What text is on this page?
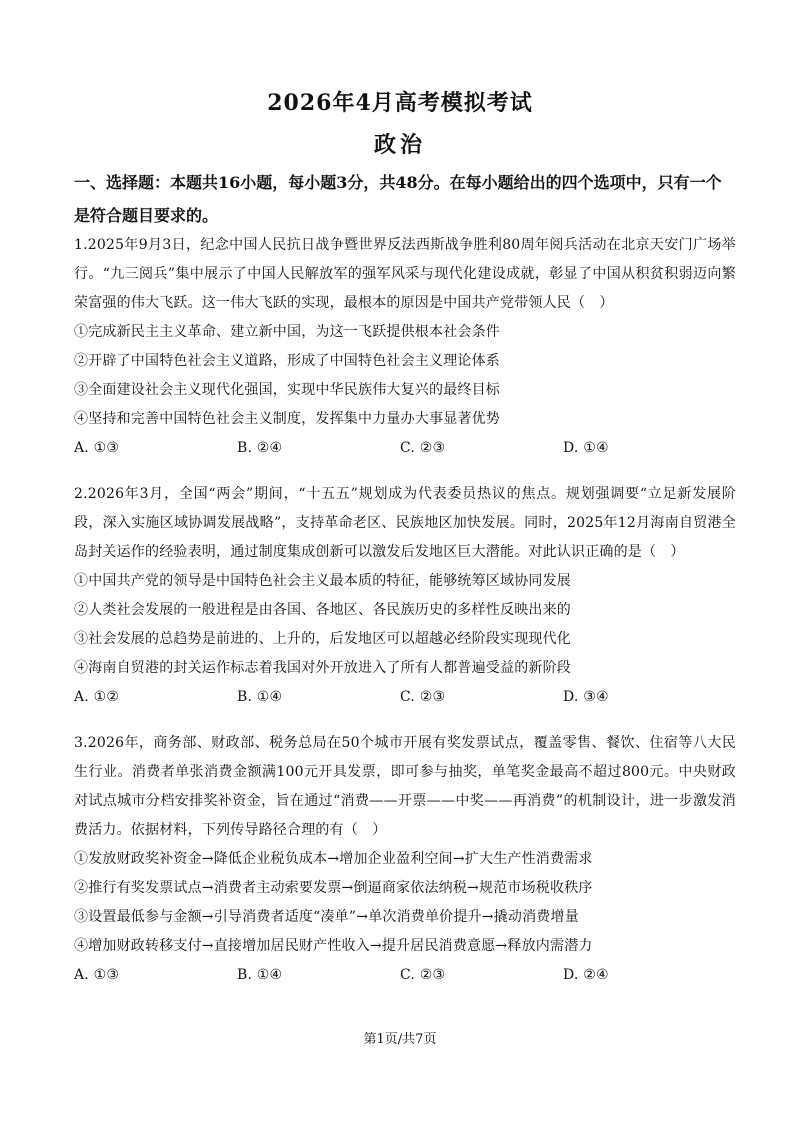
2026年4月高考模拟考试
政治
一、选择题：本题共16小题，每小题3分，共48分。在每小题给出的四个选项中，只有一个是符合题目要求的。
1.2025年9月3日，纪念中国人民抗日战争暨世界反法西斯战争胜利80周年阅兵活动在北京天安门广场举行。“九三阅兵”集中展示了中国人民解放军的强军风采与现代化建设成就，彰显了中国从积贫积弱迈向繁荣富强的伟大飞跃。这一伟大飞跃的实现，最根本的原因是中国共产党带领人民（　）
①完成新民主主义革命、建立新中国，为这一飞跃提供根本社会条件
②开辟了中国特色社会主义道路，形成了中国特色社会主义理论体系
③全面建设社会主义现代化强国，实现中华民族伟大复兴的最终目标
④坚持和完善中国特色社会主义制度，发挥集中力量办大事显著优势
A. ①③	B. ②④	C. ②③	D. ①④
2.2026年3月，全国“两会”期间，“十五五”规划成为代表委员热议的焦点。规划强调要“立足新发展阶段，深入实施区域协调发展战略”，支持革命老区、民族地区加快发展。同时，2025年12月海南自贸港全岛封关运作的经验表明，通过制度集成创新可以激发后发地区巨大潜能。对此认识正确的是（　）
①中国共产党的领导是中国特色社会主义最本质的特征，能够统筹区域协同发展
②人类社会发展的一般进程是由各国、各地区、各民族历史的多样性反映出来的
③社会发展的总趋势是前进的、上升的，后发地区可以超越必经阶段实现现代化
④海南自贸港的封关运作标志着我国对外开放进入了所有人都普遍受益的新阶段
A. ①②	B. ①④	C. ②③	D. ③④
3.2026年，商务部、财政部、税务总局在50个城市开展有奖发票试点，覆盖零售、餐饮、住宿等八大民生行业。消费者单张消费金额满100元开具发票，即可参与抽奖，单笔奖金最高不超过800元。中央财政对试点城市分档安排奖补资金，旨在通过“消费——开票——中奖——再消费”的机制设计，进一步激发消费活力。依据材料，下列传导路径合理的有（　）
①发放财政奖补资金→降低企业税负成本→增加企业盈利空间→扩大生产性消费需求
②推行有奖发票试点→消费者主动索要发票→倒逼商家依法纳税→规范市场税收秩序
③设置最低参与金额→引导消费者适度“凑单”→单次消费单价提升→撬动消费增量
④增加财政转移支付→直接增加居民财产性收入→提升居民消费意愿→释放内需潜力
A. ①③	B. ①④	C. ②③	D. ②④
第1页/共7页
